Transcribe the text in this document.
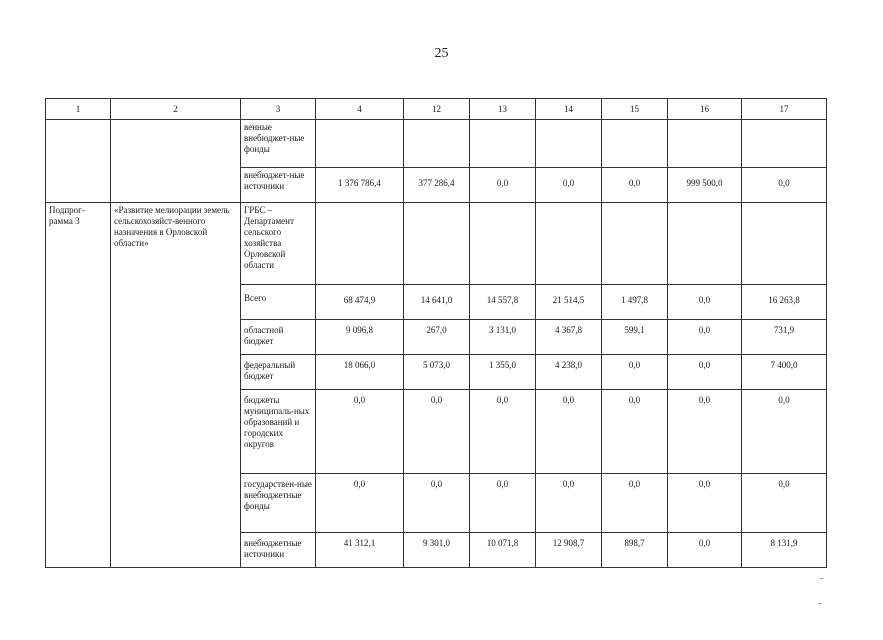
25
1	2	3	4	12	13	14	15	16	17
		венные внебюджет-ные фонды							
		внебюджет-ные источники	1 376 786,4	377 286,4	0,0	0,0	0,0	999 500,0	0,0
Подпрог-рамма 3	«Развитие мелиорации земель сельскохозяйст-венного назначения в Орловской области»	ГРБС – Департамент сельского хозяйства Орловской области							
		Всего	68 474,9	14 641,0	14 557,8	21 514,5	1 497,8	0,0	16 263,8
		областной бюджет	9 096,8	267,0	3 131,0	4 367,8	599,1	0,0	731,9
		федеральный бюджет	18 066,0	5 073,0	1 355,0	4 238,0	0,0	0,0	7 400,0
		бюджеты муниципаль-ных образований и городских округов	0,0	0,0	0,0	0,0	0,0	0,0	0,0
		государствен-ные внебюджетные фонды	0,0	0,0	0,0	0,0	0,0	0,0	0,0
		внебюджетные источники	41 312,1	9 301,0	10 071,8	12 908,7	898,7	0,0	8 131,9
